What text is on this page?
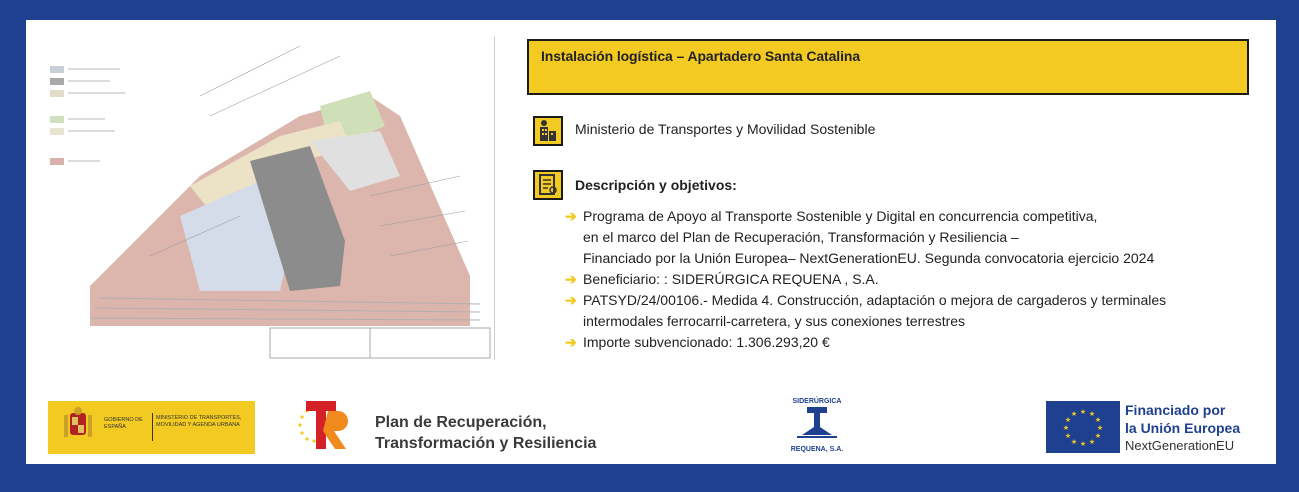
Instalación logística – Apartadero Santa Catalina
Ministerio de Transportes y Movilidad Sostenible
Descripción y objetivos:
➔ Programa de Apoyo al Transporte Sostenible y Digital en concurrencia competitiva,
en el marco del Plan de Recuperación, Transformación y Resiliencia –
Financiado por la Unión Europea– NextGenerationEU. Segunda convocatoria ejercicio 2024
➔ Beneficiario: : SIDERÚRGICA REQUENA , S.A.
➔ PATSYD/24/00106.- Medida 4. Construcción, adaptación o mejora de cargaderos y terminales
intermodales ferrocarril-carretera, y sus conexiones terrestres
➔ Importe subvencionado: 1.306.293,20 €
GOBIERNO DE ESPAÑA
MINISTERIO DE TRANSPORTES, MOVILIDAD Y AGENDA URBANA	Plan de Recuperación,
Transformación y Resiliencia
SIDERÚRGICA
REQUENA, S.A.
★ ★
★
★
★
★
★
★
★
★
★
★	Financiado por
la Unión Europea
NextGenerationEU
